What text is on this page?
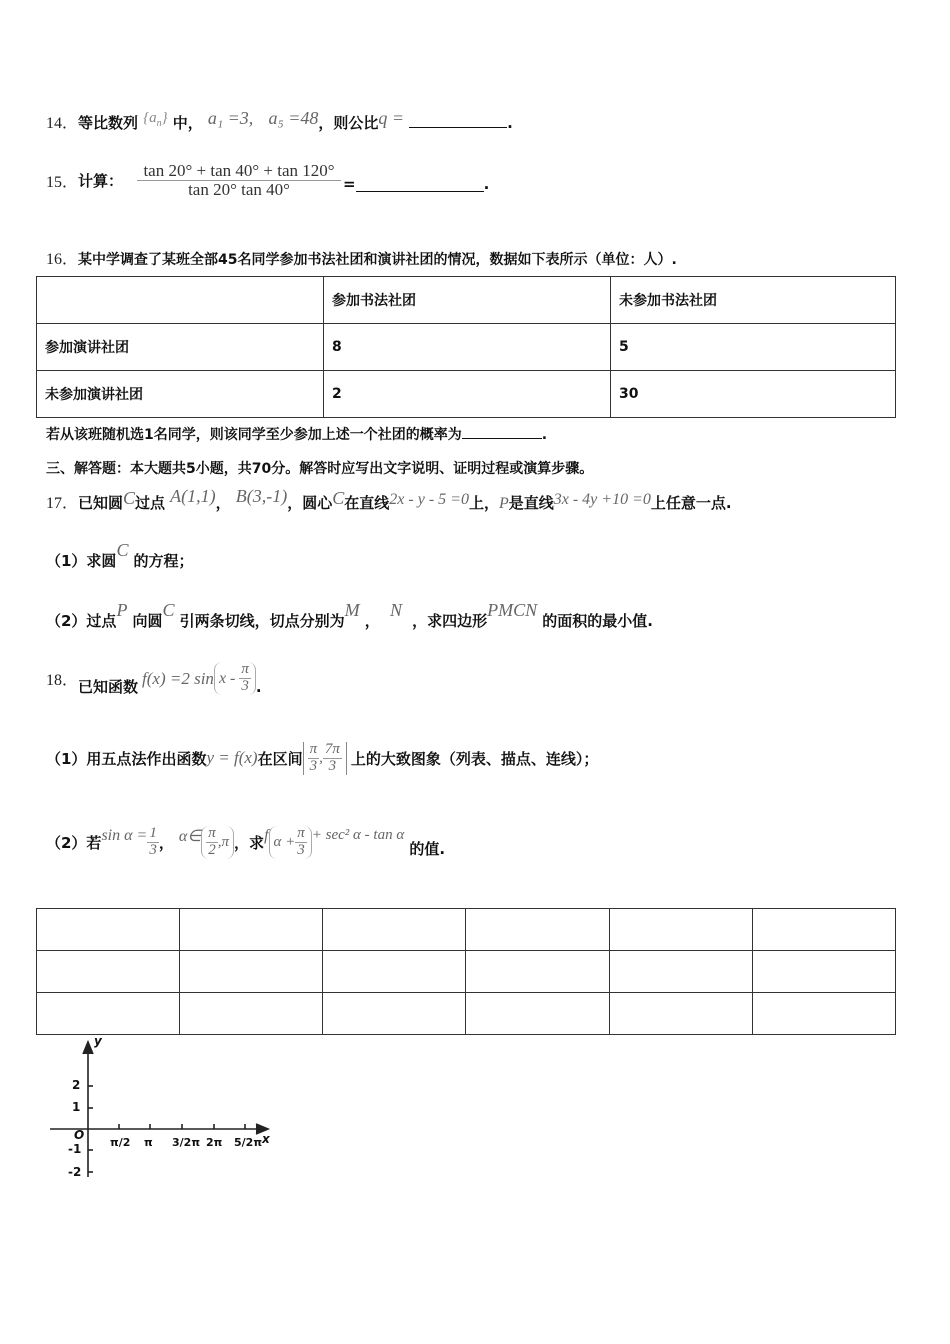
14．等比数列 $\{a_n\}$ 中， a₁ =3, a₅ =48，则公比q =	.
15． 计算： $\frac{\tan 20^\circ + \tan 40^\circ + \tan 120^\circ}{\tan 20^\circ \tan 40^\circ}$ =	.
16．某中学调查了某班全部45名同学参加书法社团和演讲社团的情况，数据如下表所示（单位：人）.
	参加书法社团	未参加书法社团
参加演讲社团	8	5
未参加演讲社团	2	30
若从该班随机选1名同学，则该同学至少参加上述一个社团的概率为	.
三、解答题：本大题共5小题，共70分。解答时应写出文字说明、证明过程或演算步骤。
17．已知圆C过点 A(1,1)， B(3,-1)，圆心C在直线2x - y - 5 =0上，P是直线3x - 4y +10 =0上任意一点.
（1）求圆C 的方程；
（2）过点P 向圆C 引两条切线，切点分别为M ，  N  ，求四边形PMCN 的面积的最小值.
18． 已知函数 f(x) =2 sin x -
$\frac{\pi}{3}$ .
（1）用五点法作出函数 y = f(x) 在区间 $\frac{\pi}{3}$ , $\frac{7\pi}{3}$ 上的大致图象（列表、描点、连线）；
（2）若 $\sin \alpha = \frac{1}{3}$ ，
α∈ $\frac{\pi}{2} ,\pi$ ，求 f $\alpha + \frac{\pi}{3} + \sec^2$ α - tan α

的值.

y
x
O
2
1
-1
-2
π/2 π 3/2π 2π 5/2π
